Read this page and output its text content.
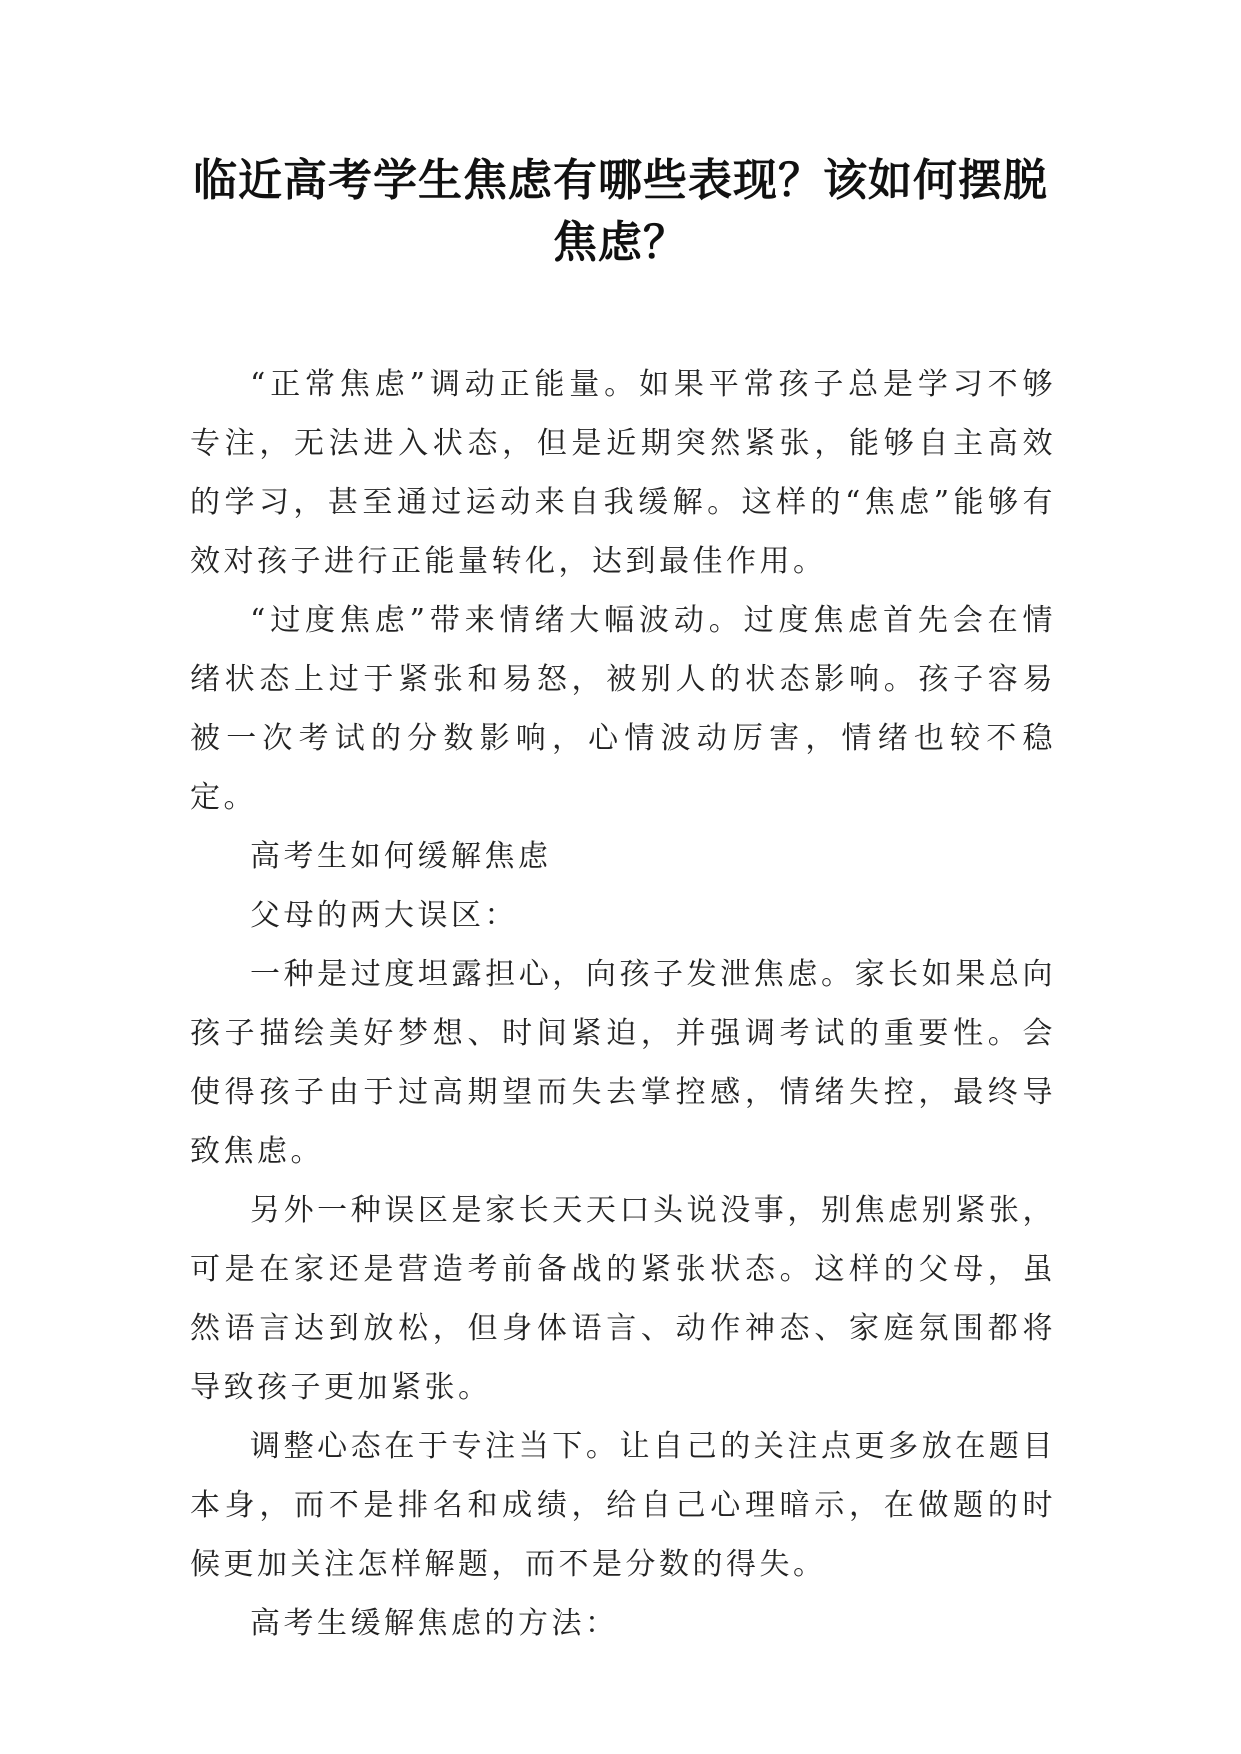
临近高考学生焦虑有哪些表现？该如何摆脱焦虑？

“正常焦虑”调动正能量。如果平常孩子总是学习不够专注，无法进入状态，但是近期突然紧张，能够自主高效的学习，甚至通过运动来自我缓解。这样的“焦虑”能够有效对孩子进行正能量转化，达到最佳作用。

“过度焦虑”带来情绪大幅波动。过度焦虑首先会在情绪状态上过于紧张和易怒，被别人的状态影响。孩子容易被一次考试的分数影响，心情波动厉害，情绪也较不稳定。

高考生如何缓解焦虑

父母的两大误区：

一种是过度坦露担心，向孩子发泄焦虑。家长如果总向孩子描绘美好梦想、时间紧迫，并强调考试的重要性。会使得孩子由于过高期望而失去掌控感，情绪失控，最终导致焦虑。

另外一种误区是家长天天口头说没事，别焦虑别紧张，可是在家还是营造考前备战的紧张状态。这样的父母，虽然语言达到放松，但身体语言、动作神态、家庭氛围都将导致孩子更加紧张。

调整心态在于专注当下。让自己的关注点更多放在题目本身，而不是排名和成绩，给自己心理暗示，在做题的时候更加关注怎样解题，而不是分数的得失。

高考生缓解焦虑的方法：
